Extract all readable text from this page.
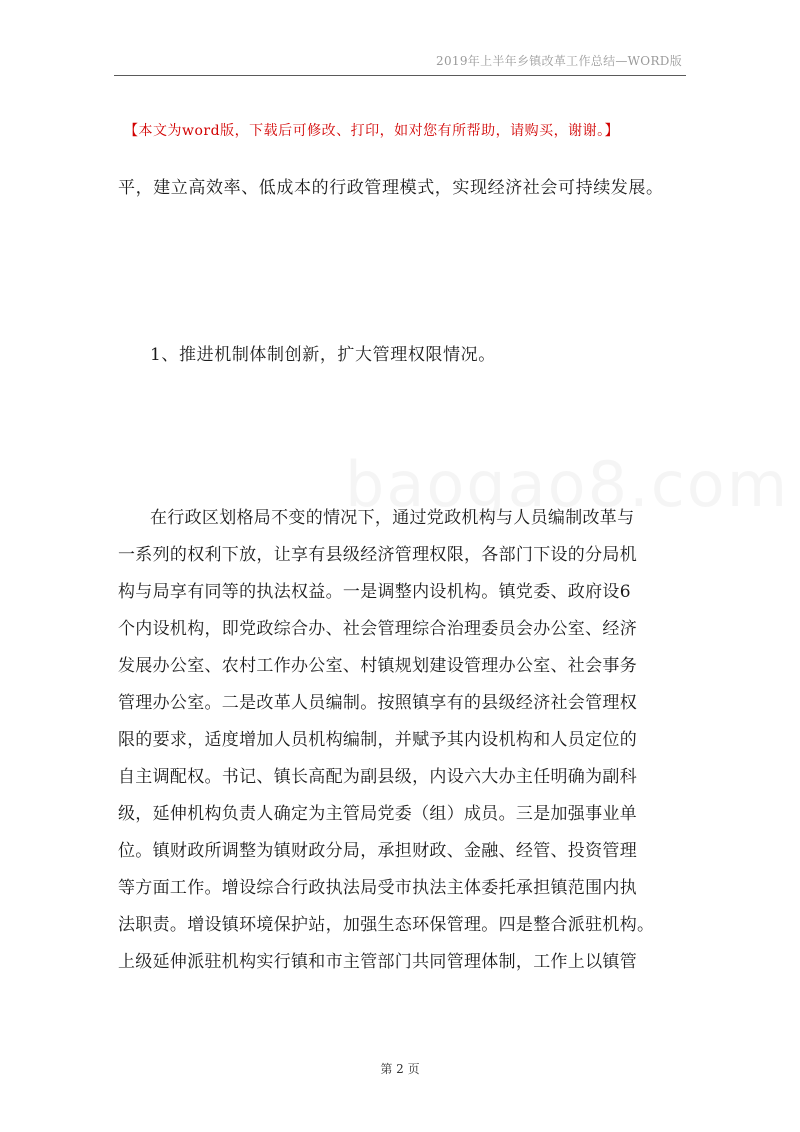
2019年上半年乡镇改革工作总结—WORD版
【本文为word版，下载后可修改、打印，如对您有所帮助，请购买，谢谢。】
平，建立高效率、低成本的行政管理模式，实现经济社会可持续发展。
1、推进机制体制创新，扩大管理权限情况。
在行政区划格局不变的情况下，通过党政机构与人员编制改革与
一系列的权利下放，让享有县级经济管理权限，各部门下设的分局机
构与局享有同等的执法权益。一是调整内设机构。镇党委、政府设6
个内设机构，即党政综合办、社会管理综合治理委员会办公室、经济
发展办公室、农村工作办公室、村镇规划建设管理办公室、社会事务
管理办公室。二是改革人员编制。按照镇享有的县级经济社会管理权
限的要求，适度增加人员机构编制，并赋予其内设机构和人员定位的
自主调配权。书记、镇长高配为副县级，内设六大办主任明确为副科
级，延伸机构负责人确定为主管局党委（组）成员。三是加强事业单
位。镇财政所调整为镇财政分局，承担财政、金融、经管、投资管理
等方面工作。增设综合行政执法局受市执法主体委托承担镇范围内执
法职责。增设镇环境保护站，加强生态环保管理。四是整合派驻机构。
上级延伸派驻机构实行镇和市主管部门共同管理体制，工作上以镇管
第 2 页
